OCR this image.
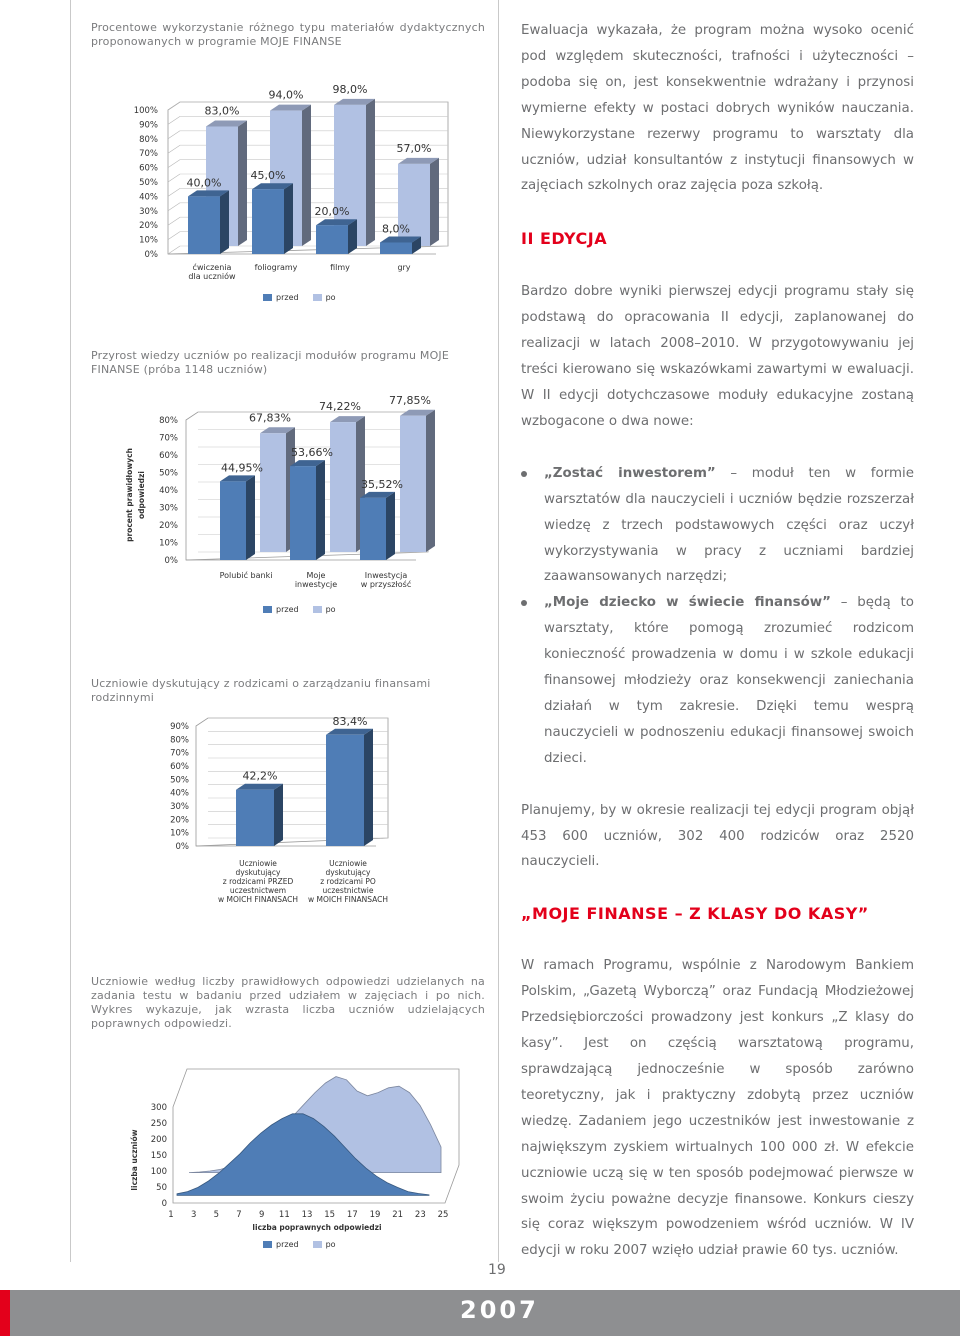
Procentowe wykorzystanie różnego typu materiałów dydaktycznych proponowanych w programie MOJE FINANSE
0%
10%
20%
30%
40%
50%
60%
70%
80%
90%
100%	83,0%
40,0%
ćwiczenia
dla uczniów
94,0%
45,0%
foliogramy
98,0%
20,0%
filmy
57,0%
8,0%
gry
przed	po
Przyrost wiedzy uczniów po realizacji modułów programu MOJE FINANSE (próba 1148 uczniów)
0%
10%
20%
30%
40%
50%
60%
70%
80%
procent prawidłowych odpowiedzi
67,83%
44,95%
Polubić banki
74,22%
53,66%
Moje
inwestycje
77,85%
35,52%
Inwestycja
w przyszłość
przed	po
Uczniowie dyskutujący z rodzicami o zarządzaniu finansami rodzinnymi
0%
10%
20%
30%
40%
50%
60%
70%
80%
90%
42,2%
Uczniowie
dyskutujący
z rodzicami PRZED
uczestnictwem
w MOICH FINANSACH
83,4%
Uczniowie
dyskutujący
z rodzicami PO
uczestnictwie
w MOICH FINANSACH
Uczniowie według liczby prawidłowych odpowiedzi udzielanych na zadania testu w badaniu przed udziałem w zajęciach i po nich. Wykres wykazuje, jak wzrasta liczba uczniów udzielających poprawnych odpowiedzi.
0
50
100
150
200
250
300
liczba uczniów
1 3 5 7 9 11 13 15 17 19 21 23 25
liczba poprawnych odpowiedzi
przed	po

Ewaluacja wykazała, że program można wysoko ocenić pod względem skuteczności, trafności i użyteczności – podoba się on, jest konsekwentnie wdrażany i przynosi wymierne efekty w postaci dobrych wyników nauczania. Niewykorzystane rezerwy programu to warsztaty dla uczniów, udział konsultantów z instytucji finansowych w zajęciach szkolnych oraz zajęcia poza szkołą.

II EDYCJA

Bardzo dobre wyniki pierwszej edycji programu stały się podstawą do opracowania II edycji, zaplanowanej do realizacji w latach 2008–2010. W przygotowywaniu jej treści kierowano się wskazówkami zawartymi w ewaluacji. W II edycji dotychczasowe moduły edukacyjne zostaną wzbogacone o dwa nowe:

„Zostać inwestorem” – moduł ten w formie warsztatów dla nauczycieli i uczniów będzie rozszerzał wiedzę z trzech podstawowych części oraz uczył wykorzystywania w pracy z uczniami bardziej zaawansowanych narzędzi;
„Moje dziecko w świecie finansów” – będą to warsztaty, które pomogą zrozumieć rodzicom konieczność prowadzenia w domu i w szkole edukacji finansowej młodzieży oraz konsekwencji zaniechania działań w tym zakresie. Dzięki temu wesprą nauczycieli w podnoszeniu edukacji finansowej swoich dzieci.

Planujemy, by w okresie realizacji tej edycji program objął 453 600 uczniów, 302 400 rodziców oraz 2520 nauczycieli.

„MOJE FINANSE – Z KLASY DO KASY”

W ramach Programu, wspólnie z Narodowym Bankiem Polskim, „Gazetą Wyborczą” oraz Fundacją Młodzieżowej Przedsiębiorczości prowadzony jest konkurs „Z klasy do kasy”. Jest on częścią warsztatową programu, sprawdzającą jednocześnie w sposób zarówno teoretyczny, jak i praktyczny zdobytą przez uczniów wiedzę. Zadaniem jego uczestników jest inwestowanie z największym zyskiem wirtualnych 100 000 zł. W efekcie uczniowie uczą się w ten sposób podejmować pierwsze w swoim życiu poważne decyzje finansowe. Konkurs cieszy się coraz większym powodzeniem wśród uczniów. W IV edycji w roku 2007 wzięło udział prawie 60 tys. uczniów.

19
2007
